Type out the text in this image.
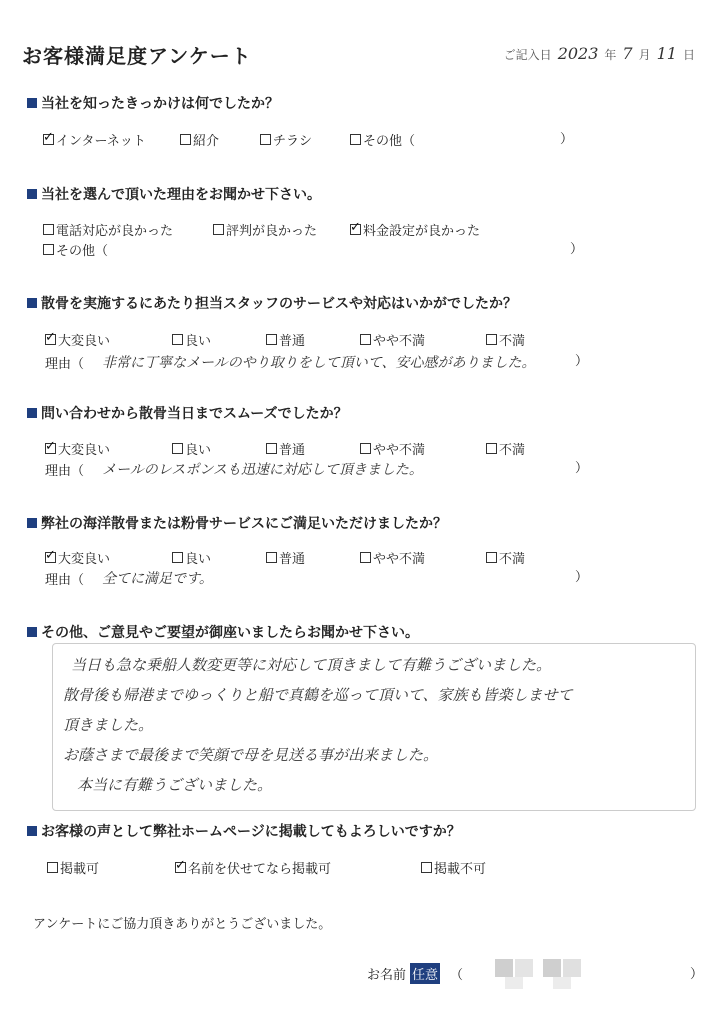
お客様満足度アンケート	ご記入日 2023 年 7 月 11 日
当社を知ったきっかけは何でしたか？
✓
インターネット	紹介	チラシ	その他（	）
当社を選んで頂いた理由をお聞かせ下さい。
電話対応が良かった	評判が良かった ✓	料金設定が良かった
その他（	）
散骨を実施するにあたり担当スタッフのサービスや対応はいかがでしたか？
✓
大変良い	良い	普通	やや不満	不満
理由（ 非常に丁寧なメールのやり取りをして頂いて、安心感がありました。	）
問い合わせから散骨当日までスムーズでしたか？
✓
大変良い	良い	普通	やや不満	不満
理由（ メールのレスポンスも迅速に対応して頂きました。	）
弊社の海洋散骨または粉骨サービスにご満足いただけましたか？
✓
大変良い	良い	普通	やや不満	不満
理由（ 全てに満足です。	）
その他、ご意見やご要望が御座いましたらお聞かせ下さい。
当日も急な乗船人数変更等に対応して頂きまして有難うございました。
散骨後も帰港までゆっくりと船で真鶴を巡って頂いて、家族も皆楽しませて
頂きました。
お蔭さまで最後まで笑顔で母を見送る事が出来ました。
本当に有難うございました。
お客様の声として弊社ホームページに掲載してもよろしいですか？
掲載可 ✓	名前を伏せてなら掲載可	掲載不可
アンケートにご協力頂きありがとうございました。
お名前 任意 （	）
